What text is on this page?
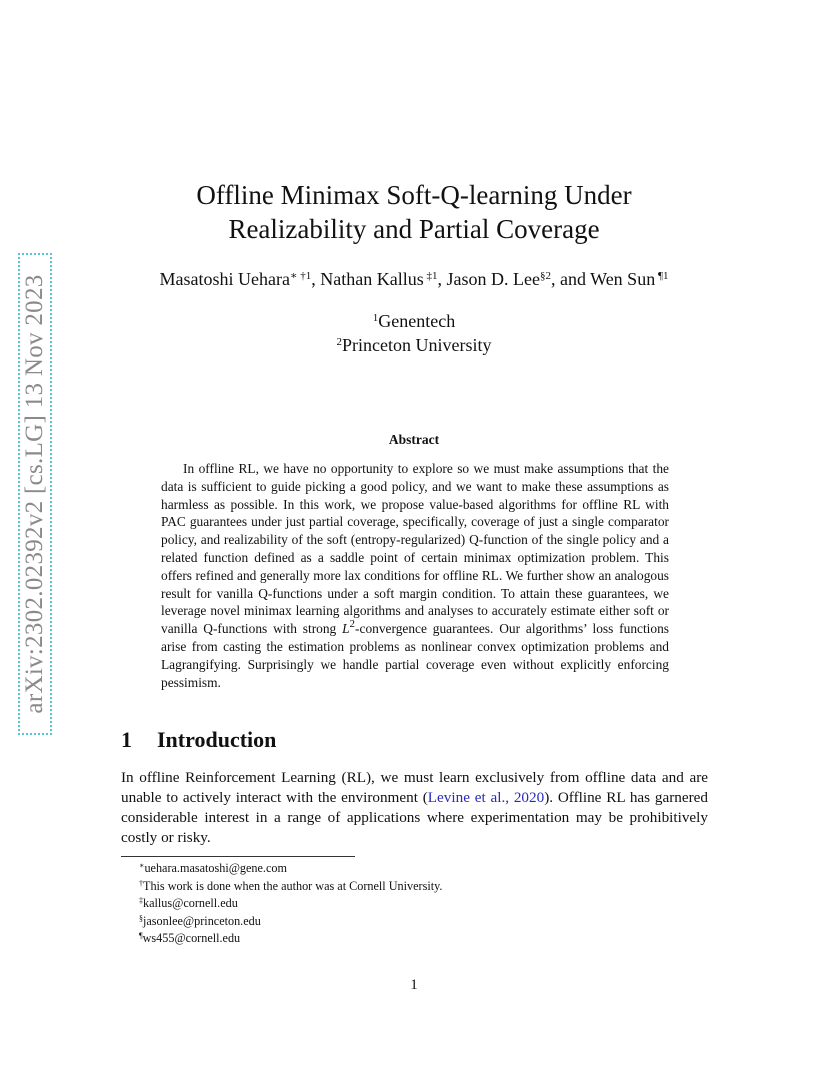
arXiv:2302.02392v2 [cs.LG] 13 Nov 2023
Offline Minimax Soft-Q-learning Under
Realizability and Partial Coverage
Masatoshi Uehara$^{∗ \dagger 1}$, Nathan Kallus $^{\ddagger 1}$, Jason D. Lee$^{\S 2}$, and Wen Sun $^{\P 1}$
$^1$Genentech
$^2$Princeton University
Abstract

In offline RL, we have no opportunity to explore so we must make assumptions that the data is sufficient to guide picking a good policy, and we want to make these assumptions as harmless as possible. In this work, we propose value-based algorithms for offline RL with PAC guarantees under just partial coverage, specifically, coverage of just a single comparator policy, and realizability of the soft (entropy-regularized) Q-function of the single policy and a related function defined as a saddle point of certain minimax optimization problem. This offers refined and generally more lax conditions for offline RL. We further show an analogous result for vanilla Q-functions under a soft margin condition. To attain these guarantees, we leverage novel minimax learning algorithms and analyses to accurately estimate either soft or vanilla Q-functions with strong $L^2$-convergence guarantees. Our algorithms’ loss functions arise from casting the estimation problems as nonlinear convex optimization problems and Lagrangifying. Surprisingly we handle partial coverage even without explicitly enforcing pessimism.

1 Introduction

In offline Reinforcement Learning (RL), we must learn exclusively from offline data and are unable to actively interact with the environment (Levine et al., 2020). Offline RL has garnered considerable interest in a range of applications where experimentation may be prohibitively costly or risky.

∗uehara.masatoshi@gene.com
†This work is done when the author was at Cornell University.
‡kallus@cornell.edu
§jasonlee@princeton.edu
¶ws455@cornell.edu
1
